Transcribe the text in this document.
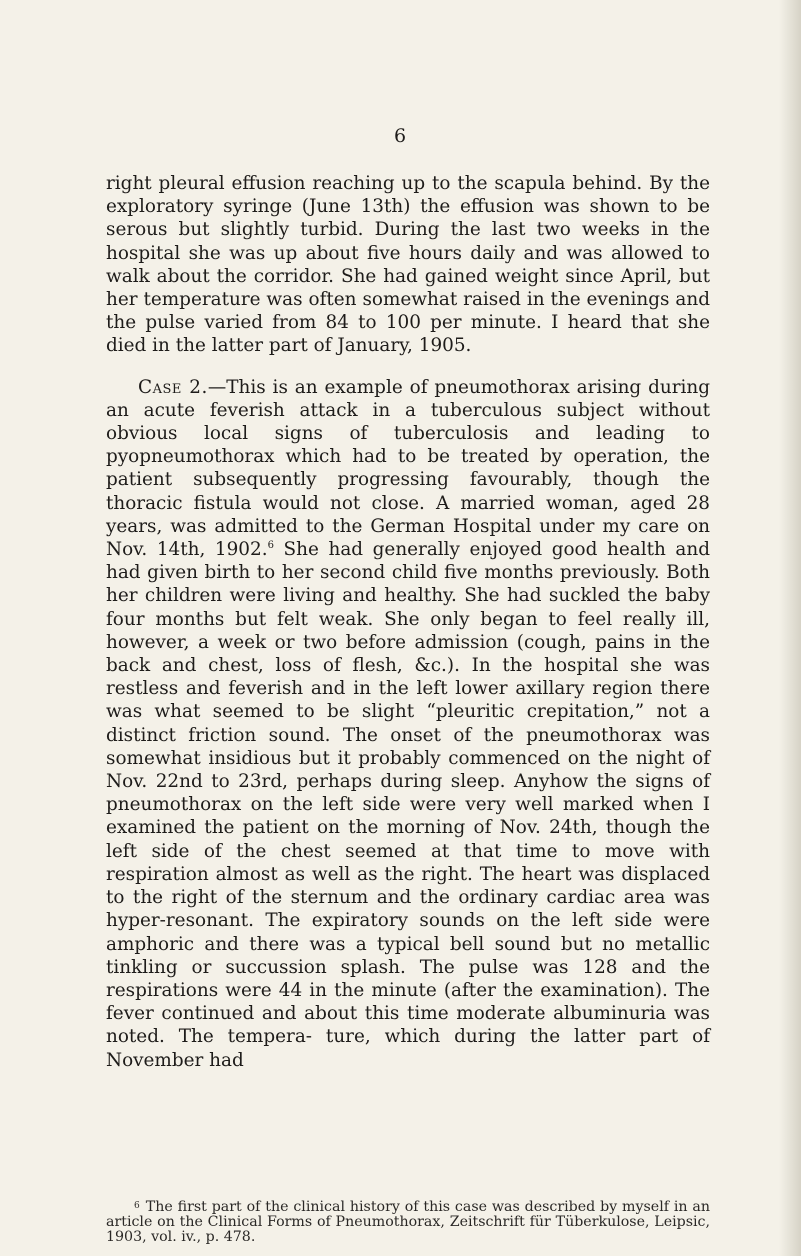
6

right pleural effusion reaching up to the scapula behind. By the exploratory syringe (June 13th) the effusion was shown to be serous but slightly turbid. During the last two weeks in the hospital she was up about five hours daily and was allowed to walk about the corridor. She had gained weight since April, but her temperature was often somewhat raised in the evenings and the pulse varied from 84 to 100 per minute. I heard that she died in the latter part of January, 1905.

Case 2.—This is an example of pneumothorax arising during an acute feverish attack in a tuberculous subject without obvious local signs of tuberculosis and leading to pyopneumothorax which had to be treated by operation, the patient subsequently progressing favourably, though the thoracic fistula would not close. A married woman, aged 28 years, was admitted to the German Hospital under my care on Nov. 14th, 1902.$^6$ She had generally enjoyed good health and had given birth to her second child five months previously. Both her children were living and healthy. She had suckled the baby four months but felt weak. She only began to feel really ill, however, a week or two before admission (cough, pains in the back and chest, loss of flesh, &c.). In the hospital she was restless and feverish and in the left lower axillary region there was what seemed to be slight “pleuritic crepitation,” not a distinct friction sound. The onset of the pneumothorax was somewhat insidious but it probably commenced on the night of Nov. 22nd to 23rd, perhaps during sleep. Anyhow the signs of pneumothorax on the left side were very well marked when I examined the patient on the morning of Nov. 24th, though the left side of the chest seemed at that time to move with respiration almost as well as the right. The heart was displaced to the right of the sternum and the ordinary cardiac area was hyper-resonant. The expiratory sounds on the left side were amphoric and there was a typical bell sound but no metallic tinkling or succussion splash. The pulse was 128 and the respirations were 44 in the minute (after the examination). The fever continued and about this time moderate albuminuria was noted. The tempera- ture, which during the latter part of November had

$^6$ The first part of the clinical history of this case was described by myself in an article on the Clinical Forms of Pneumothorax, Zeitschrift für Tüberkulose, Leipsic, 1903, vol. iv., p. 478.
